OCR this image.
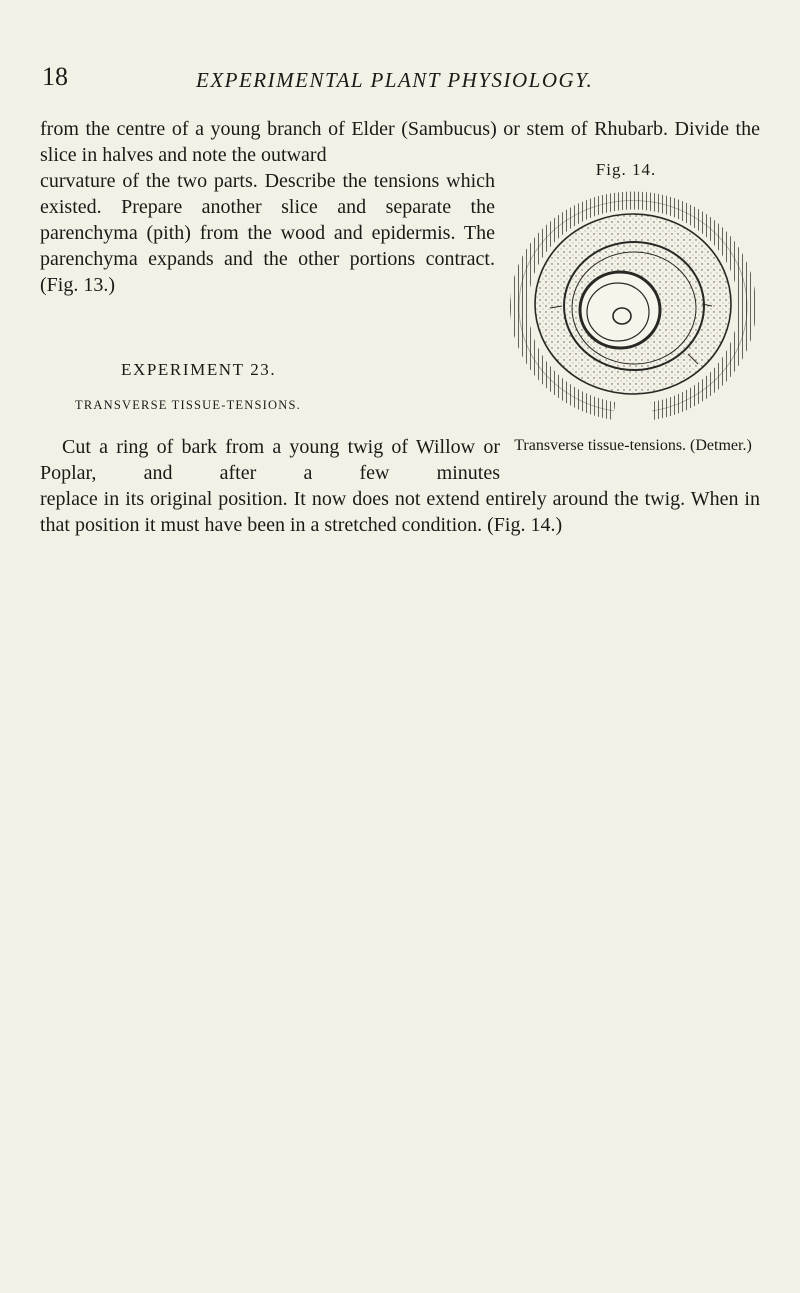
18	EXPERIMENTAL PLANT PHYSIOLOGY.

from the centre of a young branch of Elder (Sambucus) or stem of Rhubarb. Divide the slice in halves and note the outward

curvature of the two parts. Describe the tensions which existed. Prepare another slice and separate the parenchyma (pith) from the wood and epidermis. The parenchyma expands and the other portions contract. (Fig. 13.)

EXPERIMENT 23.
TRANSVERSE TISSUE-TENSIONS.
Fig. 14.

Transverse tissue-tensions. (Detmer.)

Cut a ring of bark from a young twig of Willow or Poplar, and after a few minutes

replace in its original position. It now does not extend entirely around the twig. When in that position it must have been in a stretched condition. (Fig. 14.)
